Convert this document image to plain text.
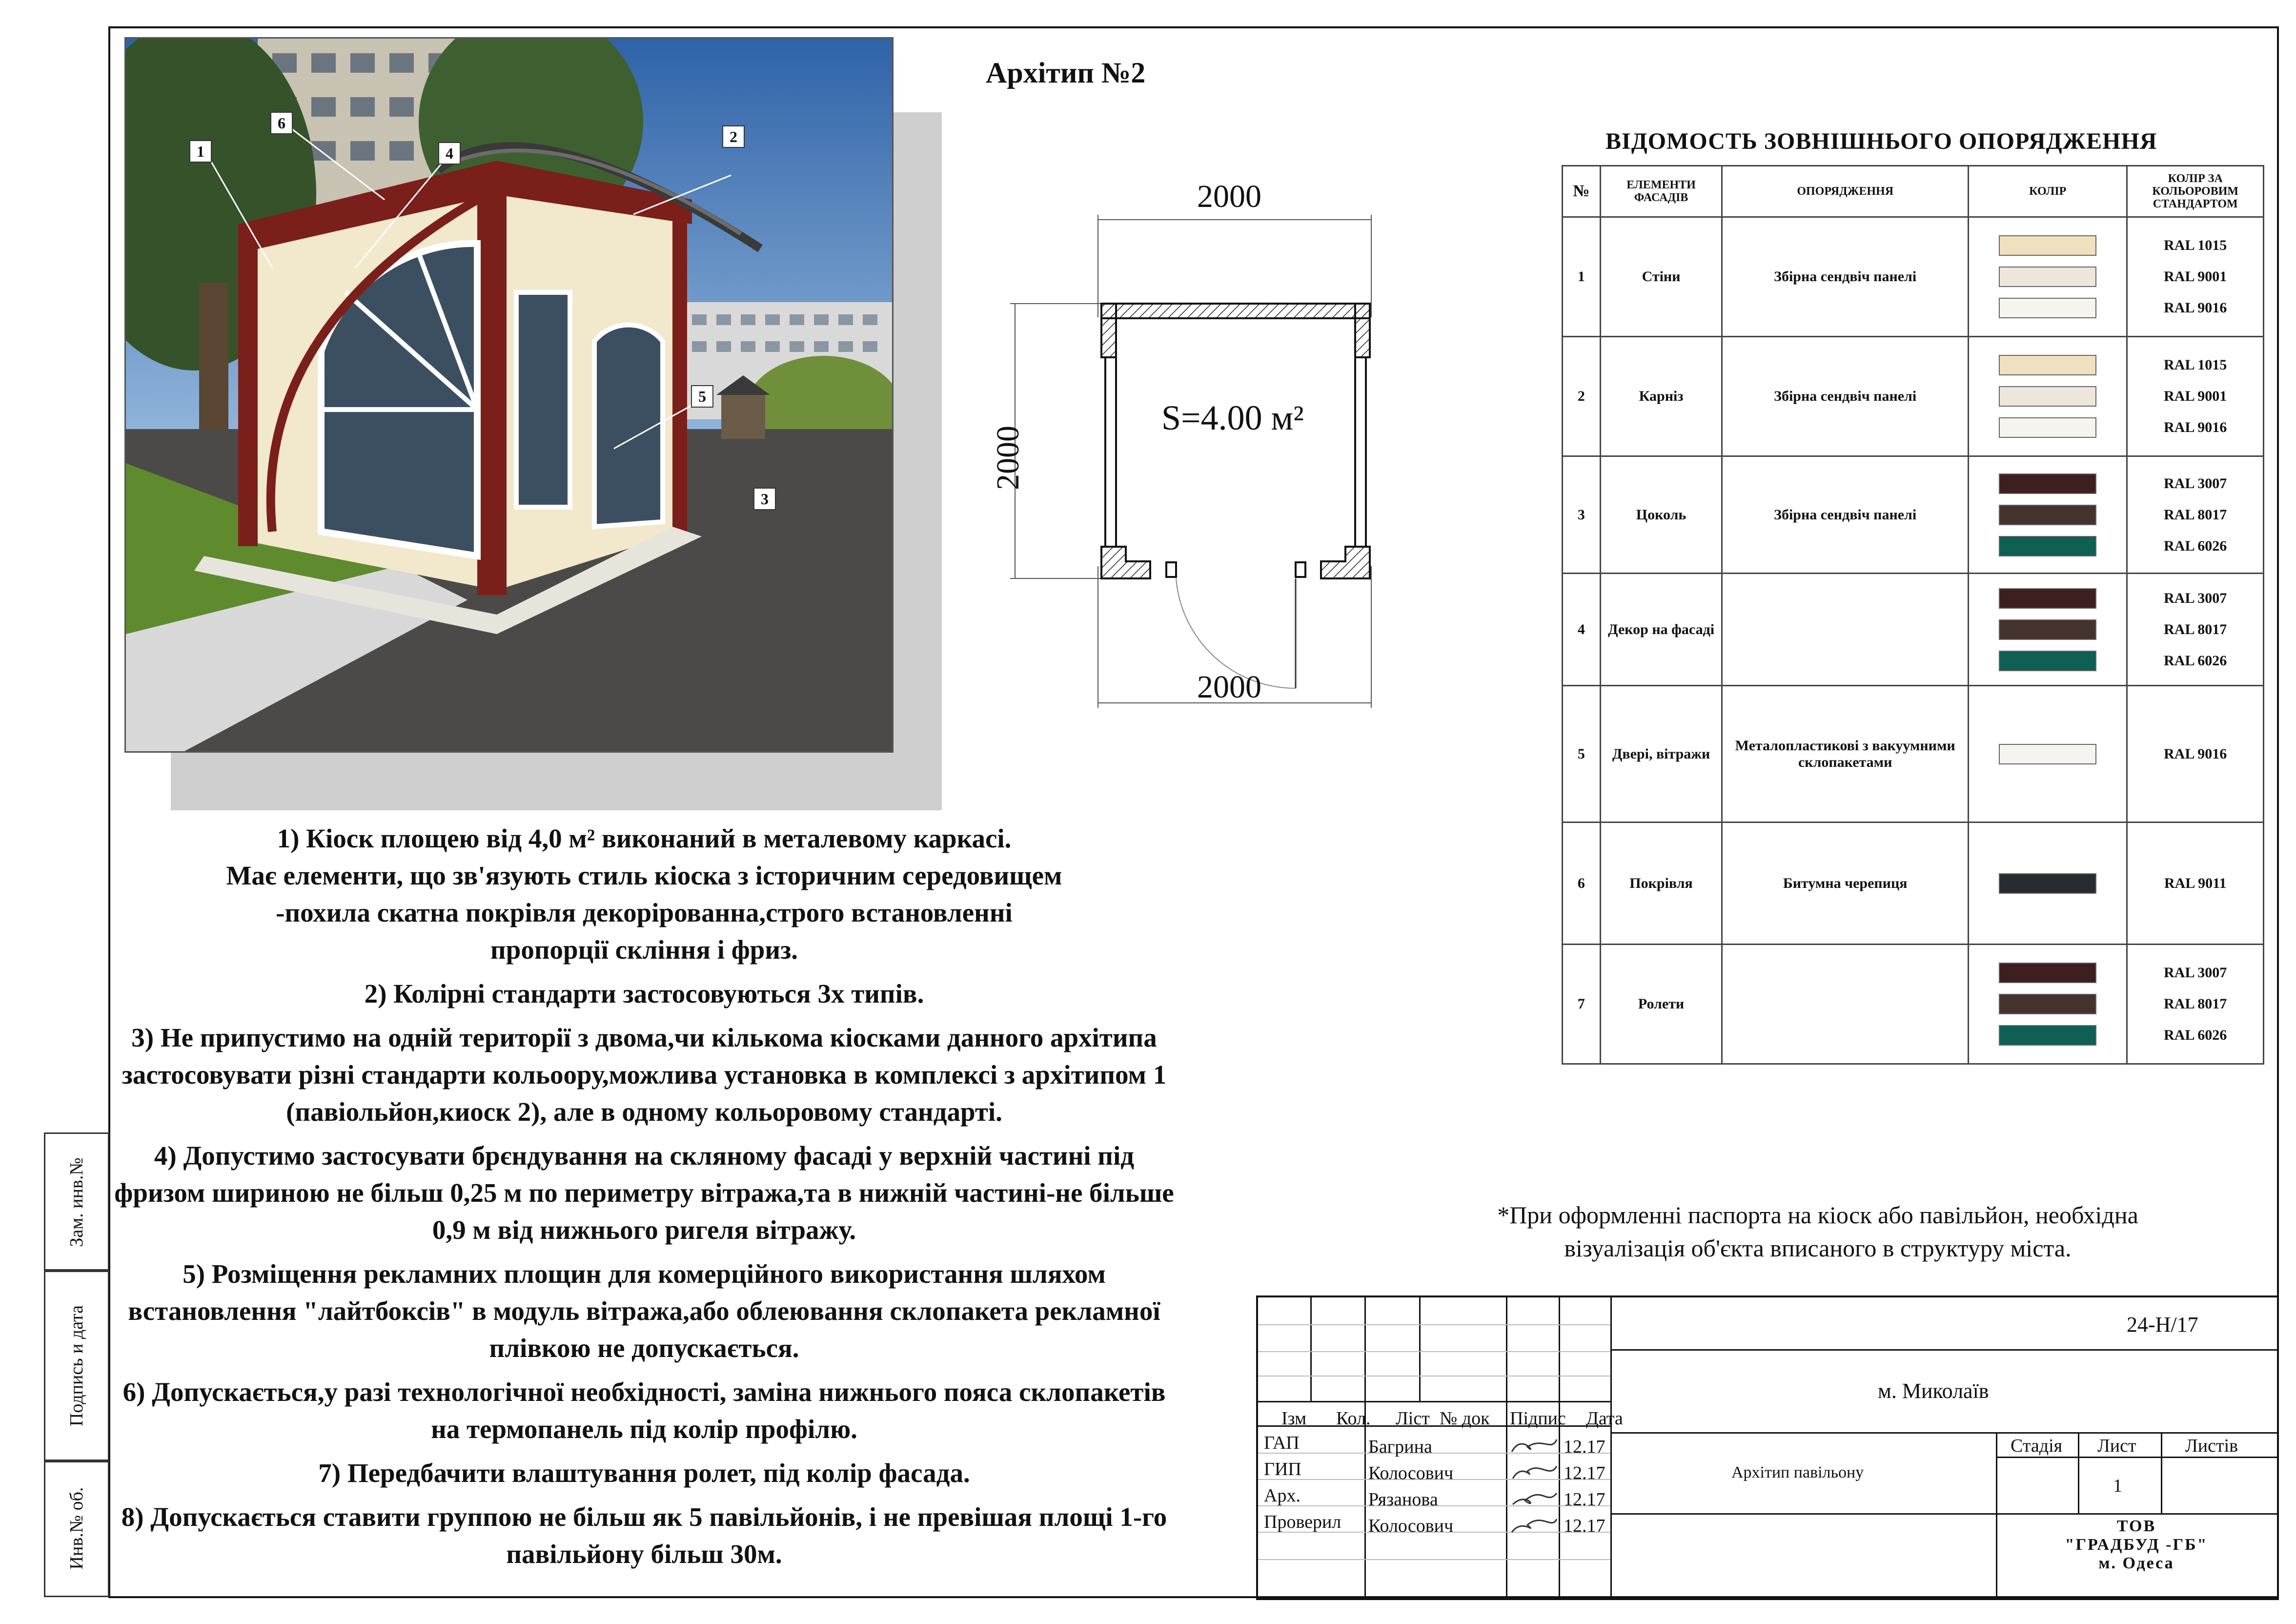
Зам. инв.№
Подпись и дата
Инв.№ об.
1
2
3
4
5
6
Архітип №2
2000
2000
2000
S=4.00 м²

1) Кіоск площею від 4,0 м² виконаний в металевому каркасі.
Має елементи, що зв'язують стиль кіоска з історичним середовищем
-похила скатна покрівля декорірованна,строго встановленні
пропорції скління і фриз.

2) Колірні стандарти застосовуються 3х типів.

3) Не припустимо на одній території з двома,чи кількома кіосками данного архітипа застосовувати різні стандарти кольоору,можлива установка в комплексі з архітипом 1 (павіольйон,киоск 2), але в одному кольоровому стандарті.

4) Допустимо застосувати брєндування на скляному фасаді у верхній частині під фризом шириною не більш 0,25 м по периметру вітража,та в нижній частині-не більше 0,9 м від нижнього ригеля вітражу.

5) Розміщення рекламних площин для комерційного використання шляхом встановлення "лайтбоксів" в модуль вітража,або облеювання склопакета рекламної плівкою не допускається.

6) Допускається,у разі технологічної необхідності, заміна нижнього пояса склопакетів на термопанель під колір профілю.

7) Передбачити влаштування ролет, під колір фасада.

8) Допускається ставити группою не більш як 5 павільйонів, і не превішая площі 1-го павільйону більш 30м.

ВІДОМОСТЬ ЗОВНІШНЬОГО ОПОРЯДЖЕННЯ
№	ЕЛЕМЕНТИ ФАСАДІВ	ОПОРЯДЖЕННЯ	КОЛІР	КОЛІР ЗА КОЛЬОРОВИМ СТАНДАРТОМ
1	Стіни	Збірна сендвіч панелі		RAL 1015
RAL 9001
RAL 9016

2	Карніз	Збірна сендвіч панелі		RAL 1015
RAL 9001
RAL 9016

3	Цоколь	Збірна сендвіч панелі		RAL 3007
RAL 8017
RAL 6026

4	Декор на фасаді			RAL 3007
RAL 8017
RAL 6026

5	Двері, вітражи	Металопластикові з вакуумними склопакетами		RAL 9016

6	Покрівля	Битумна черепиця		RAL 9011

7	Ролети			RAL 3007
RAL 8017
RAL 6026
*При оформленні паспорта на кіоск або павільйон, необхідна візуалізація об'єкта вписаного в структуру міста.
Ізм Кол. Ліст № док Підпис Дата
ГАП	Багрина	12.17
ГИП	Колосович	12.17
Арх.	Рязанова	12.17
Проверил Колосович	12.17
24-Н/17
м. Миколаїв
Архітип павільону
Стадія Лист	Листів
1
ТОВ
"ГРАДБУД -ГБ"
м. Одеса
